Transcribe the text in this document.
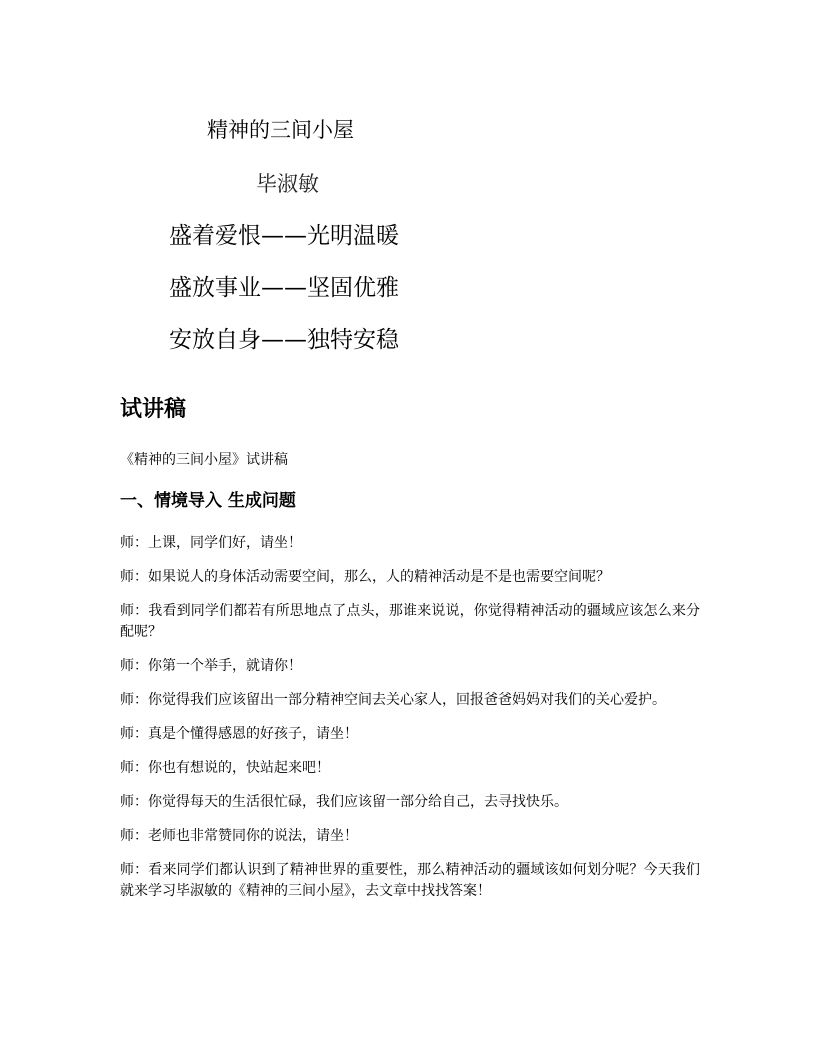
精神的三间小屋
毕淑敏
盛着爱恨——光明温暖
盛放事业——坚固优雅
安放自身——独特安稳
试讲稿
《精神的三间小屋》试讲稿
一、情境导入 生成问题

师：上课，同学们好，请坐！

师：如果说人的身体活动需要空间，那么，人的精神活动是不是也需要空间呢？

师：我看到同学们都若有所思地点了点头，那谁来说说，你觉得精神活动的疆域应该怎么来分配呢？

师：你第一个举手，就请你！

师：你觉得我们应该留出一部分精神空间去关心家人，回报爸爸妈妈对我们的关心爱护。

师：真是个懂得感恩的好孩子，请坐！

师：你也有想说的，快站起来吧！

师：你觉得每天的生活很忙碌，我们应该留一部分给自己，去寻找快乐。

师：老师也非常赞同你的说法，请坐！

师：看来同学们都认识到了精神世界的重要性，那么精神活动的疆域该如何划分呢？今天我们就来学习毕淑敏的《精神的三间小屋》，去文章中找找答案！
